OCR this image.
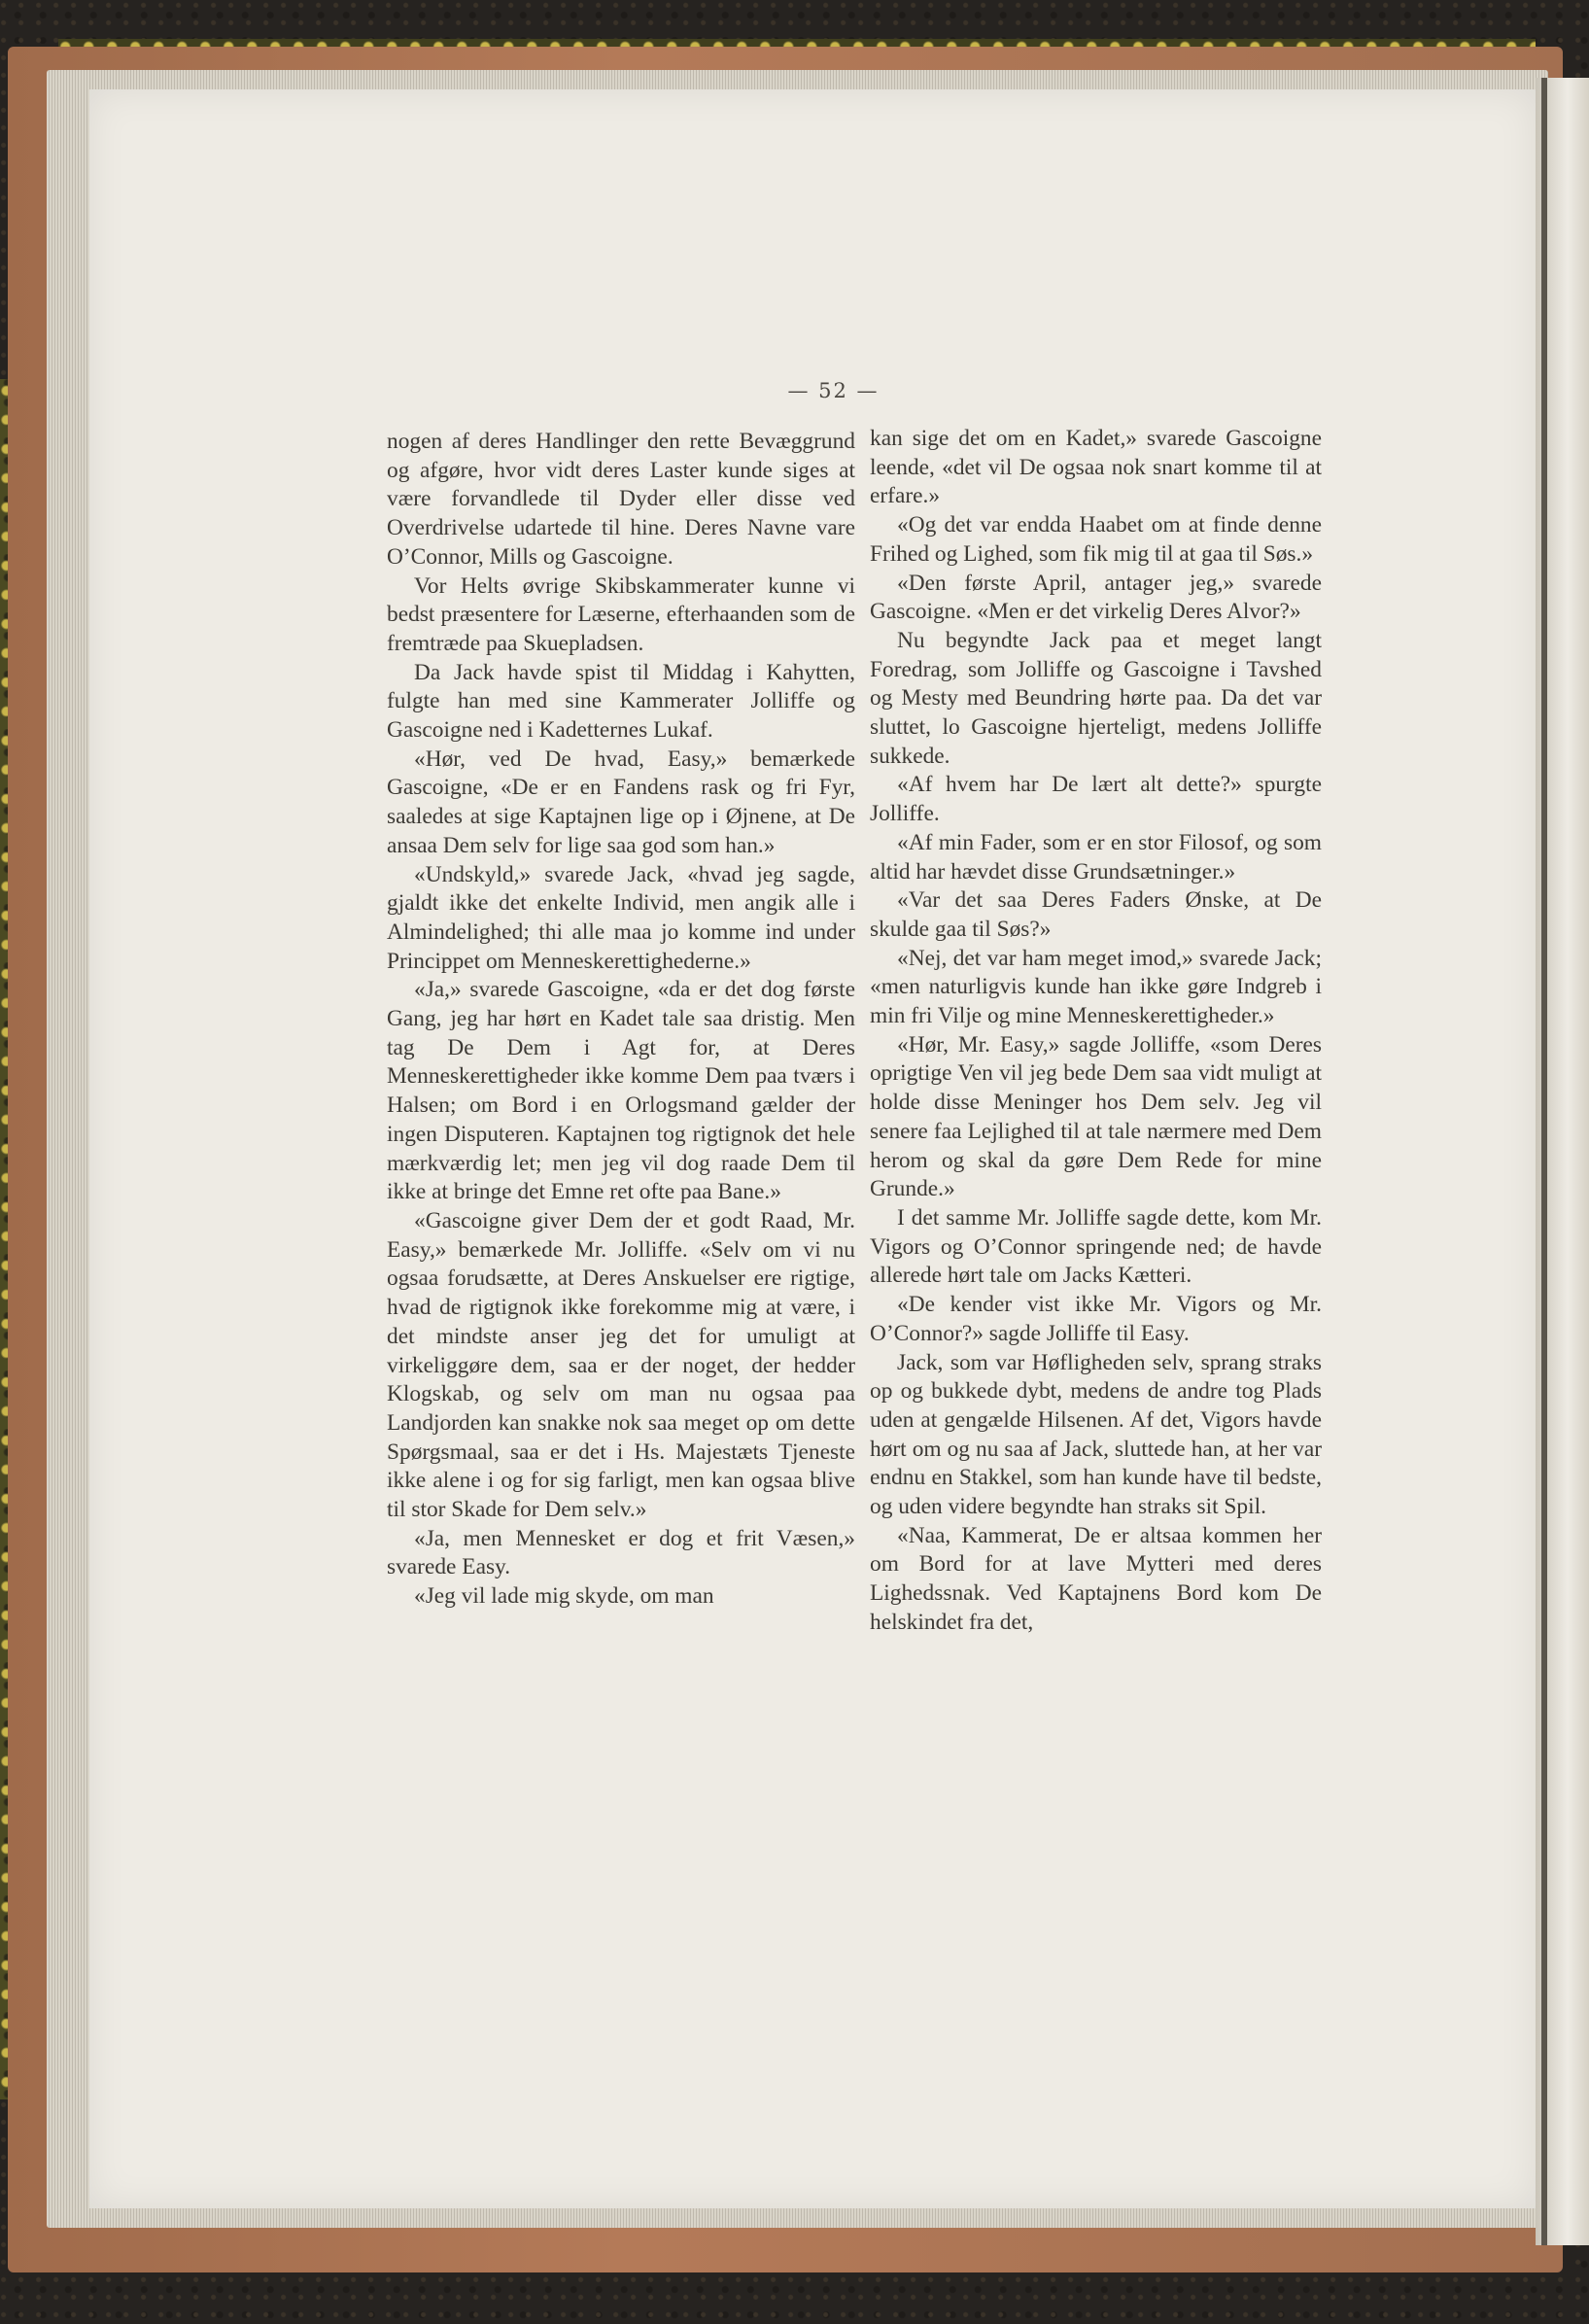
— 52 —

nogen af deres Handlinger den rette Bevæggrund og afgøre, hvor vidt deres Laster kunde siges at være forvandlede til Dyder eller disse ved Overdrivelse udartede til hine. Deres Navne vare O’Connor, Mills og Gascoigne.

Vor Helts øvrige Skibskammerater kunne vi bedst præsentere for Læserne, efterhaanden som de fremtræde paa Skuepladsen.

Da Jack havde spist til Middag i Kahytten, fulgte han med sine Kammerater Jolliffe og Gascoigne ned i Kadetternes Lukaf.

«Hør, ved De hvad, Easy,» bemærkede Gascoigne, «De er en Fandens rask og fri Fyr, saaledes at sige Kaptajnen lige op i Øjnene, at De ansaa Dem selv for lige saa god som han.»

«Undskyld,» svarede Jack, «hvad jeg sagde, gjaldt ikke det enkelte Individ, men angik alle i Almindelighed; thi alle maa jo komme ind under Princippet om Menneskerettighederne.»

«Ja,» svarede Gascoigne, «da er det dog første Gang, jeg har hørt en Kadet tale saa dristig. Men tag De Dem i Agt for, at Deres Menneskerettigheder ikke komme Dem paa tværs i Halsen; om Bord i en Orlogsmand gælder der ingen Disputeren. Kaptajnen tog rigtignok det hele mærkværdig let; men jeg vil dog raade Dem til ikke at bringe det Emne ret ofte paa Bane.»

«Gascoigne giver Dem der et godt Raad, Mr. Easy,» bemærkede Mr. Jolliffe. «Selv om vi nu ogsaa forudsætte, at Deres Anskuelser ere rigtige, hvad de rigtignok ikke forekomme mig at være, i det mindste anser jeg det for umuligt at virkeliggøre dem, saa er der noget, der hedder Klogskab, og selv om man nu ogsaa paa Landjorden kan snakke nok saa meget op om dette Spørgsmaal, saa er det i Hs. Majestæts Tjeneste ikke alene i og for sig farligt, men kan ogsaa blive til stor Skade for Dem selv.»

«Ja, men Mennesket er dog et frit Væsen,» svarede Easy.

«Jeg vil lade mig skyde, om man

kan sige det om en Kadet,» svarede Gascoigne leende, «det vil De ogsaa nok snart komme til at erfare.»

«Og det var endda Haabet om at finde denne Frihed og Lighed, som fik mig til at gaa til Søs.»

«Den første April, antager jeg,» svarede Gascoigne. «Men er det virkelig Deres Alvor?»

Nu begyndte Jack paa et meget langt Foredrag, som Jolliffe og Gascoigne i Tavshed og Mesty med Beundring hørte paa. Da det var sluttet, lo Gascoigne hjerteligt, medens Jolliffe sukkede.

«Af hvem har De lært alt dette?» spurgte Jolliffe.

«Af min Fader, som er en stor Filosof, og som altid har hævdet disse Grundsætninger.»

«Var det saa Deres Faders Ønske, at De skulde gaa til Søs?»

«Nej, det var ham meget imod,» svarede Jack; «men naturligvis kunde han ikke gøre Indgreb i min fri Vilje og mine Menneskerettigheder.»

«Hør, Mr. Easy,» sagde Jolliffe, «som Deres oprigtige Ven vil jeg bede Dem saa vidt muligt at holde disse Meninger hos Dem selv. Jeg vil senere faa Lejlighed til at tale nærmere med Dem herom og skal da gøre Dem Rede for mine Grunde.»

I det samme Mr. Jolliffe sagde dette, kom Mr. Vigors og O’Connor springende ned; de havde allerede hørt tale om Jacks Kætteri.

«De kender vist ikke Mr. Vigors og Mr. O’Connor?» sagde Jolliffe til Easy.

Jack, som var Høfligheden selv, sprang straks op og bukkede dybt, medens de andre tog Plads uden at gengælde Hilsenen. Af det, Vigors havde hørt om og nu saa af Jack, sluttede han, at her var endnu en Stakkel, som han kunde have til bedste, og uden videre begyndte han straks sit Spil.

«Naa, Kammerat, De er altsaa kommen her om Bord for at lave Mytteri med deres Lighedssnak. Ved Kaptajnens Bord kom De helskindet fra det,
